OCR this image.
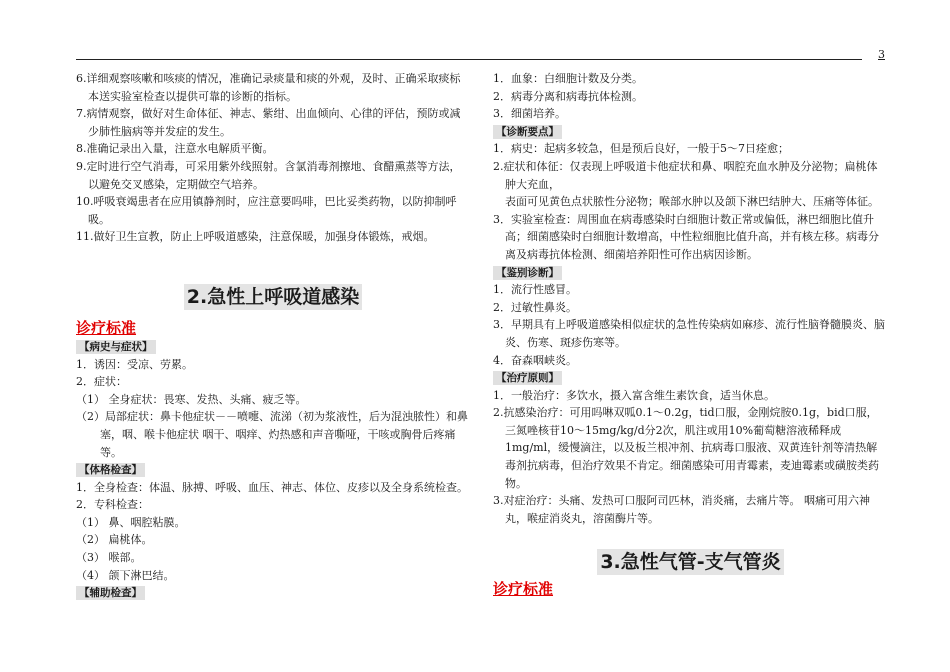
3

6.详细观察咳嗽和咳痰的情况，准确记录痰量和痰的外观，及时、正确采取痰标本送实验室检查以提供可靠的诊断的指标。

7.病情观察，做好对生命体征、神志、紫绀、出血倾向、心律的评估，预防或减少肺性脑病等并发症的发生。

8.准确记录出入量，注意水电解质平衡。

9.定时进行空气消毒，可采用紫外线照射。含氯消毒剂擦地、食醋熏蒸等方法，以避免交叉感染，定期做空气培养。

10.呼吸衰竭患者在应用镇静剂时，应注意要吗啡，巴比妥类药物，以防抑制呼吸。

11.做好卫生宣教，防止上呼吸道感染，注意保暖，加强身体锻炼，戒烟。

2.急性上呼吸道感染
诊疗标准
【病史与症状】

1．诱因：受凉、劳累。

2．症状：

（1） 全身症状：畏寒、发热、头痛、疲乏等。

（2）局部症状：鼻卡他症状－－喷嚏、流涕（初为浆液性，后为混浊脓性）和鼻塞，咽、喉卡他症状 咽干、咽痒、灼热感和声音嘶哑，干咳或胸骨后疼痛等。

【体格检查】

1．全身检查：体温、脉搏、呼吸、血压、神志、体位、皮疹以及全身系统检查。

2．专科检查：

（1） 鼻、咽腔粘膜。

（2） 扁桃体。

（3） 喉部。

（4） 颌下淋巴结。

【辅助检查】

1．血象：白细胞计数及分类。

2．病毒分离和病毒抗体检测。

3．细菌培养。

【诊断要点】

1．病史：起病多较急，但是预后良好，一般于5～7日痊愈；

2.症状和体征：仅表现上呼吸道卡他症状和鼻、咽腔充血水肿及分泌物；扁桃体肿大充血，

表面可见黄色点状脓性分泌物；喉部水肿以及颌下淋巴结肿大、压痛等体征。

3．实验室检查：周围血在病毒感染时白细胞计数正常或偏低，淋巴细胞比值升高；细菌感染时白细胞计数增高，中性粒细胞比值升高，并有核左移。病毒分离及病毒抗体检测、细菌培养阳性可作出病因诊断。

【鉴别诊断】

1．流行性感冒。

2．过敏性鼻炎。

3．早期具有上呼吸道感染相似症状的急性传染病如麻疹、流行性脑脊髓膜炎、脑炎、伤寒、斑疹伤寒等。

4．奋森咽峡炎。

【治疗原则】

1．一般治疗：多饮水，摄入富含维生素饮食，适当休息。

2.抗感染治疗：可用吗啉双呱0.1～0.2g，tid口服，金刚烷胺0.1g，bid口服，三氮唑核苷10～15mg/kg/d分2次，肌注或用10%葡萄糖溶液稀释成1mg/ml，缓慢滴注，以及板兰根冲剂、抗病毒口服液、双黄连针剂等清热解毒剂抗病毒，但治疗效果不肯定。细菌感染可用青霉素，麦迪霉素或磺胺类药物。

3.对症治疗：头痛、发热可口服阿司匹林，消炎痛，去痛片等。 咽痛可用六神丸，喉症消炎丸，溶菌酶片等。

3.急性气管-支气管炎
诊疗标准
